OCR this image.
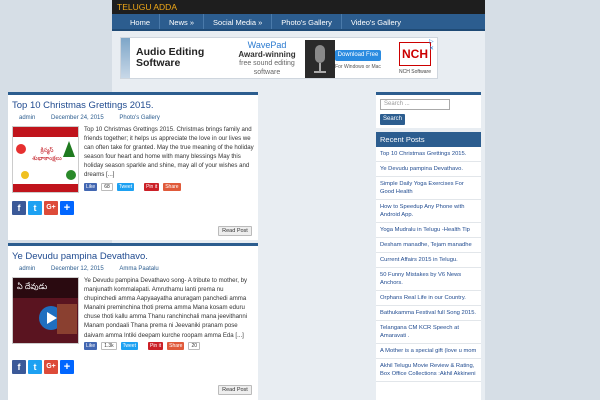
TELUGU ADDA
Home	News »	Social Media »	Photo's Gallery	Video's Gallery
Audio Editing Software
WavePad
Award-winning
free sound editing software
Download Free
For Windows or Mac
NCH
NCH Software
▷ ✕
Top 10 Christmas Grettings 2015.
admin	December 24, 2015	Photo's Gallery
క్రిస్మస్ శుభాకాంక్షలు
Top 10 Christmas Grettings 2015. Christmas brings family and friends together; it helps us appreciate the love in our lives we can often take for granted. May the true meaning of the holiday season four heart and home with many blessings May this holiday season sparkle and shine, may all of your wishes and dreams [...]
Like	68	Tweet	Pin it Share
f	t	G+ +
Read Post
Ye Devudu pampina Devathavo.
admin	December 12, 2015	Amma Paatalu
ఏ దేవుడు
Ye Devudu pampina Devathavo song- A tribute to mother, by manjunath kommalapati. Amruthamu lanti prema nu chupinchedi amma Aapyaayatha anuragam panchedi amma Manalni preminchina thoti prema amma Mana kosam eduru chuse thoti kallu amma Thanu ranchinchali mana jeevithanni Manam pondaali Thana prema ni Jeevaniki pranam pose daivam amma Intiki deepam kurche roopam amma Eda [...]
Like	1.3k	Tweet	Pin it Share	20
f	t	G+ +
Read Post
Search ...
Search
Recent Posts
Top 10 Christmas Grettings 2015.
Ye Devudu pampina Devathavo.
Simple Daily Yoga Exercises For Good Health
How to Speedup Any Phone with Android App.
Yoga Mudralu in Telugu -Health Tip
Desham manadhe, Tejam manadhe
Current Affairs 2015 in Telugu.
50 Funny Mistakes by V6 News Anchors.
Orphans Real Life in our Country.
Bathukamma Festival full Song 2015.
Telangana CM KCR Speech at Amaravati .
A Mother is a special gift (love u mom
Akhil Telugu Movie Review & Rating, Box Office Collections :Akhil Akkineni
